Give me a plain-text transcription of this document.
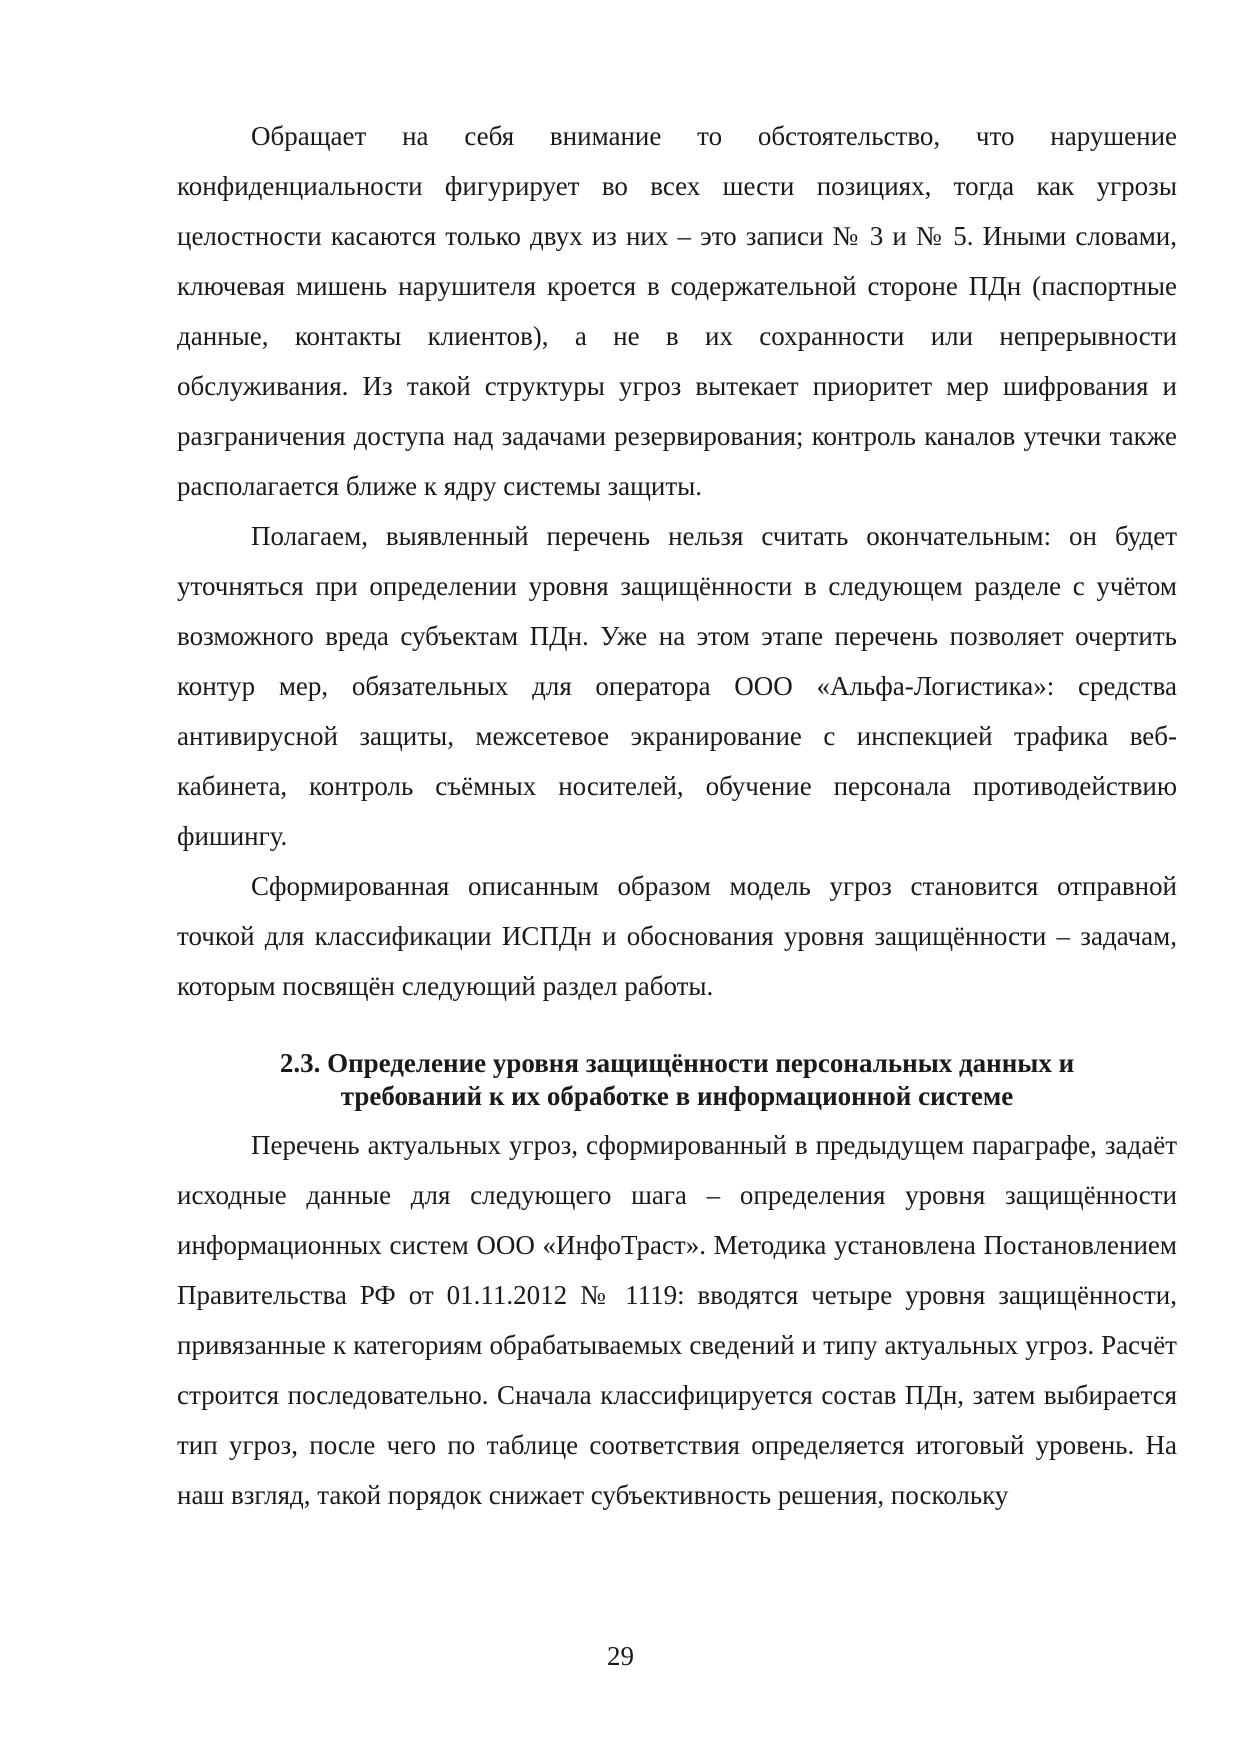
Обращает на себя внимание то обстоятельство, что нарушение конфиденциальности фигурирует во всех шести позициях, тогда как угрозы целостности касаются только двух из них – это записи № 3 и № 5. Иными словами, ключевая мишень нарушителя кроется в содержательной стороне ПДн (паспортные данные, контакты клиентов), а не в их сохранности или непрерывности обслуживания. Из такой структуры угроз вытекает приоритет мер шифрования и разграничения доступа над задачами резервирования; контроль каналов утечки также располагается ближе к ядру системы защиты.

Полагаем, выявленный перечень нельзя считать окончательным: он будет уточняться при определении уровня защищённости в следующем разделе с учётом возможного вреда субъектам ПДн. Уже на этом этапе перечень позволяет очертить контур мер, обязательных для оператора ООО «Альфа-Логистика»: средства антивирусной защиты, межсетевое экранирование с инспекцией трафика веб-кабинета, контроль съёмных носителей, обучение персонала противодействию фишингу.

Сформированная описанным образом модель угроз становится отправной точкой для классификации ИСПДн и обоснования уровня защищённости – задачам, которым посвящён следующий раздел работы.

2.3. Определение уровня защищённости персональных данных и
требований к их обработке в информационной системе

Перечень актуальных угроз, сформированный в предыдущем параграфе, задаёт исходные данные для следующего шага – определения уровня защищённости информационных систем ООО «ИнфоТраст». Методика установлена Постановлением Правительства РФ от 01.11.2012 № 1119: вводятся четыре уровня защищённости, привязанные к категориям обрабатываемых сведений и типу актуальных угроз. Расчёт строится последовательно. Сначала классифицируется состав ПДн, затем выбирается тип угроз, после чего по таблице соответствия определяется итоговый уровень. На наш взгляд, такой порядок снижает субъективность решения, поскольку

29
